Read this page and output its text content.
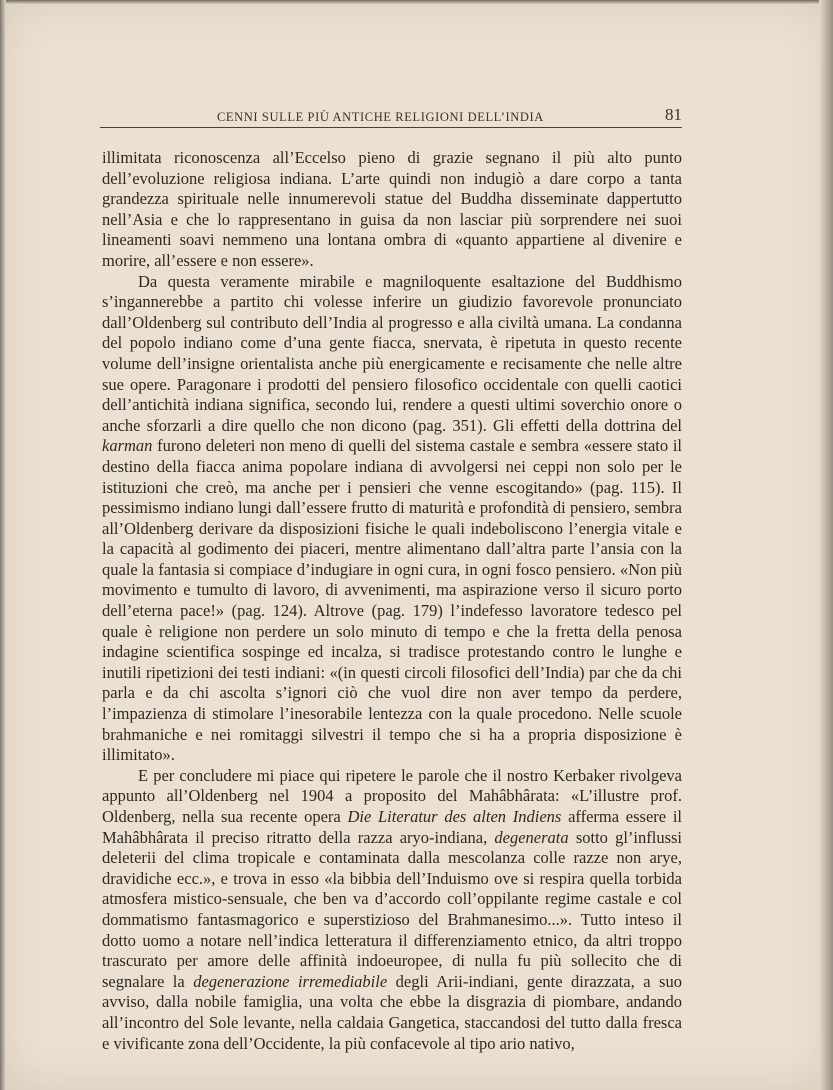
CENNI SULLE PIÙ ANTICHE RELIGIONI DELL’INDIA	81

illimitata riconoscenza all’Eccelso pieno di grazie segnano il più alto punto dell’evoluzione religiosa indiana. L’arte quindi non indugiò a dare corpo a tanta grandezza spirituale nelle innumerevoli statue del Buddha disseminate dappertutto nell’Asia e che lo rappresentano in guisa da non lasciar più sorprendere nei suoi lineamenti soavi nemmeno una lontana ombra di «quanto appartiene al divenire e morire, all’essere e non essere».

Da questa veramente mirabile e magniloquente esaltazione del Buddhismo s’ingannerebbe a partito chi volesse inferire un giudizio favorevole pronunciato dall’Oldenberg sul contributo dell’India al progresso e alla civiltà umana. La condanna del popolo indiano come d’una gente fiacca, snervata, è ripetuta in questo recente volume dell’insigne orientalista anche più energicamente e recisamente che nelle altre sue opere. Paragonare i prodotti del pensiero filosofico occidentale con quelli caotici dell’antichità indiana significa, secondo lui, rendere a questi ultimi soverchio onore o anche sforzarli a dire quello che non dicono (pag. 351). Gli effetti della dottrina del karman furono deleteri non meno di quelli del sistema castale e sembra «essere stato il destino della fiacca anima popolare indiana di avvolgersi nei ceppi non solo per le istituzioni che creò, ma anche per i pensieri che venne escogitando» (pag. 115). Il pessimismo indiano lungi dall’essere frutto di maturità e profondità di pensiero, sembra all’Oldenberg derivare da disposizioni fisiche le quali indeboliscono l’energia vitale e la capacità al godimento dei piaceri, mentre alimentano dall’altra parte l’ansia con la quale la fantasia si compiace d’indugiare in ogni cura, in ogni fosco pensiero. «Non più movimento e tumulto di lavoro, di avvenimenti, ma aspirazione verso il sicuro porto dell’eterna pace!» (pag. 124). Altrove (pag. 179) l’indefesso lavoratore tedesco pel quale è religione non perdere un solo minuto di tempo e che la fretta della penosa indagine scientifica sospinge ed incalza, si tradisce protestando contro le lunghe e inutili ripetizioni dei testi indiani: «(in questi circoli filosofici dell’India) par che da chi parla e da chi ascolta s’ignori ciò che vuol dire non aver tempo da perdere, l’impazienza di stimolare l’inesorabile lentezza con la quale procedono. Nelle scuole brahmaniche e nei romitaggi silvestri il tempo che si ha a propria disposizione è illimitato».

E per concludere mi piace qui ripetere le parole che il nostro Kerbaker rivolgeva appunto all’Oldenberg nel 1904 a proposito del Mahâbhârata: «L’illustre prof. Oldenberg, nella sua recente opera Die Literatur des alten Indiens afferma essere il Mahâbhârata il preciso ritratto della razza aryo-indiana, degenerata sotto gl’influssi deleterii del clima tropicale e contaminata dalla mescolanza colle razze non arye, dravidiche ecc.», e trova in esso «la bibbia dell’Induismo ove si respira quella torbida atmosfera mistico-sensuale, che ben va d’accordo coll’oppilante regime castale e col dommatismo fantasmagorico e superstizioso del Brahmanesimo...». Tutto inteso il dotto uomo a notare nell’indica letteratura il differenziamento etnico, da altri troppo trascurato per amore delle affinità indoeuropee, di nulla fu più sollecito che di segnalare la degenerazione irremediabile degli Arii-indiani, gente dirazzata, a suo avviso, dalla nobile famiglia, una volta che ebbe la disgrazia di piombare, andando all’incontro del Sole levante, nella caldaia Gangetica, staccandosi del tutto dalla fresca e vivificante zona dell’Occidente, la più confacevole al tipo ario nativo,
